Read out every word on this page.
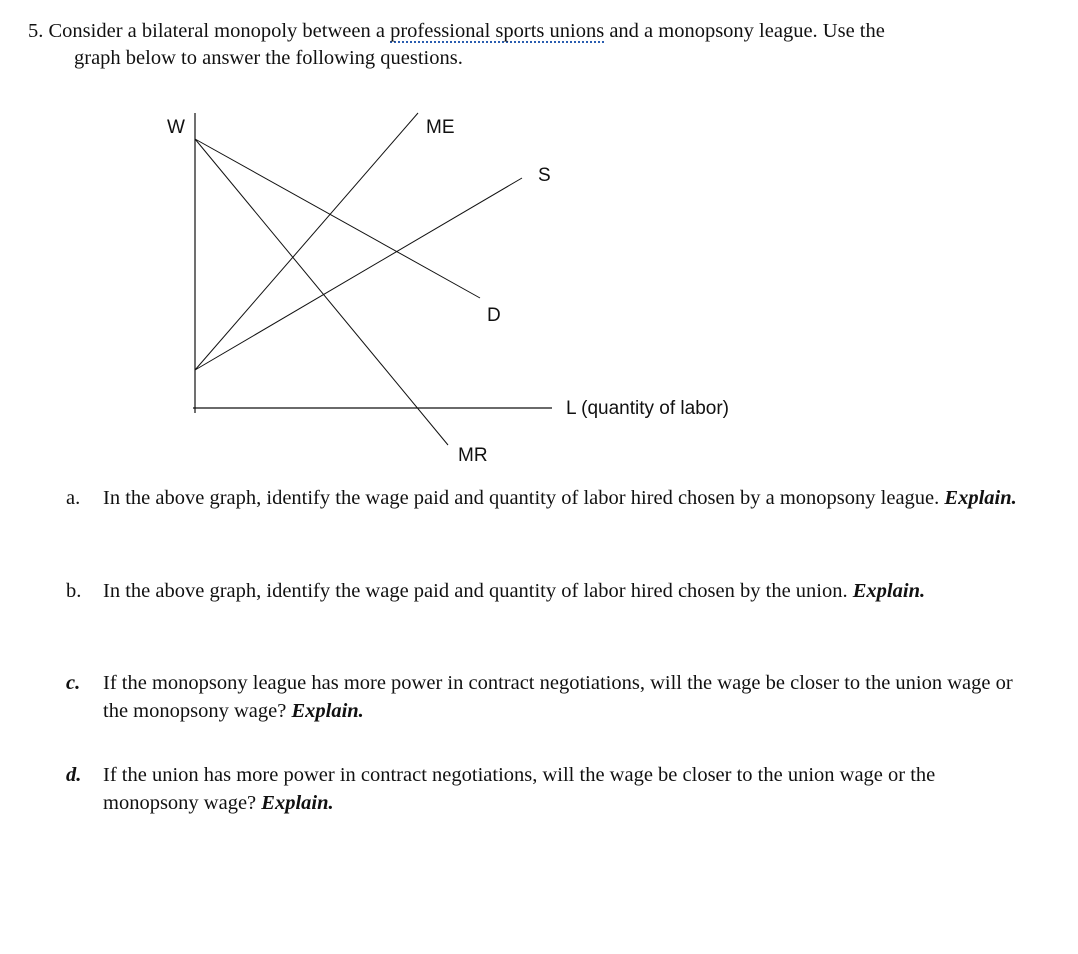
5. Consider a bilateral monopoly between a professional sports unions and a monopsony league. Use the
graph below to answer the following questions.
W	ME
S
D
L (quantity of labor)
MR
a.	In the above graph, identify the wage paid and quantity of labor hired chosen by a monopsony league. Explain.
b.	In the above graph, identify the wage paid and quantity of labor hired chosen by the union. Explain.
c.	If the monopsony league has more power in contract negotiations, will the wage be closer to the union wage or the monopsony wage? Explain.
d.	If the union has more power in contract negotiations, will the wage be closer to the union wage or the monopsony wage? Explain.
